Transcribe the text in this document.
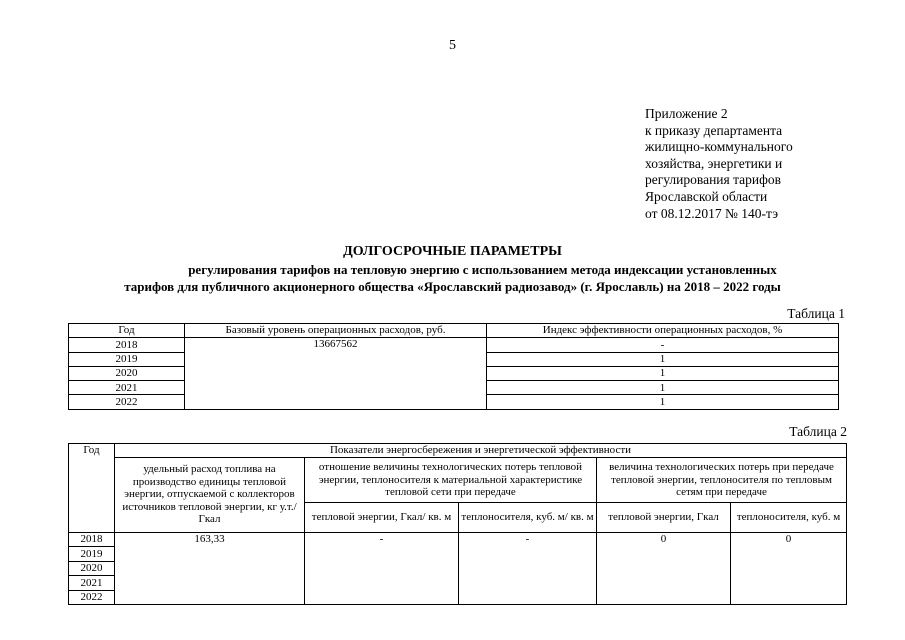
5
Приложение 2
к приказу департамента
жилищно-коммунального
хозяйства, энергетики и
регулирования тарифов
Ярославской области
от 08.12.2017 № 140-тэ
ДОЛГОСРОЧНЫЕ ПАРАМЕТРЫ
регулирования тарифов на тепловую энергию с использованием метода индексации установленных
тарифов для публичного акционерного общества «Ярославский радиозавод» (г. Ярославль) на 2018 – 2022 годы
Таблица 1
Год	Базовый уровень операционных расходов, руб.	Индекс эффективности операционных расходов, %
2018	13667562	-
2019		1
2020		1
2021		1
2022		1
Таблица 2
Год	Показатели энергосбережения и энергетической эффективности				
	удельный расход топлива на производство единицы тепловой энергии, отпускаемой с коллекторов источников тепловой энергии, кг у.т./ Гкал	отношение величины технологических потерь тепловой энергии, теплоносителя к материальной характеристике тепловой сети при передаче		величина технологических потерь при передаче тепловой энергии, теплоносителя по тепловым сетям при передаче	
		тепловой энергии, Гкал/ кв. м	теплоносителя, куб. м/ кв. м	тепловой энергии, Гкал	теплоносителя, куб. м
2018	163,33	-	-	0	0
2019					
2020					
2021					
2022					
